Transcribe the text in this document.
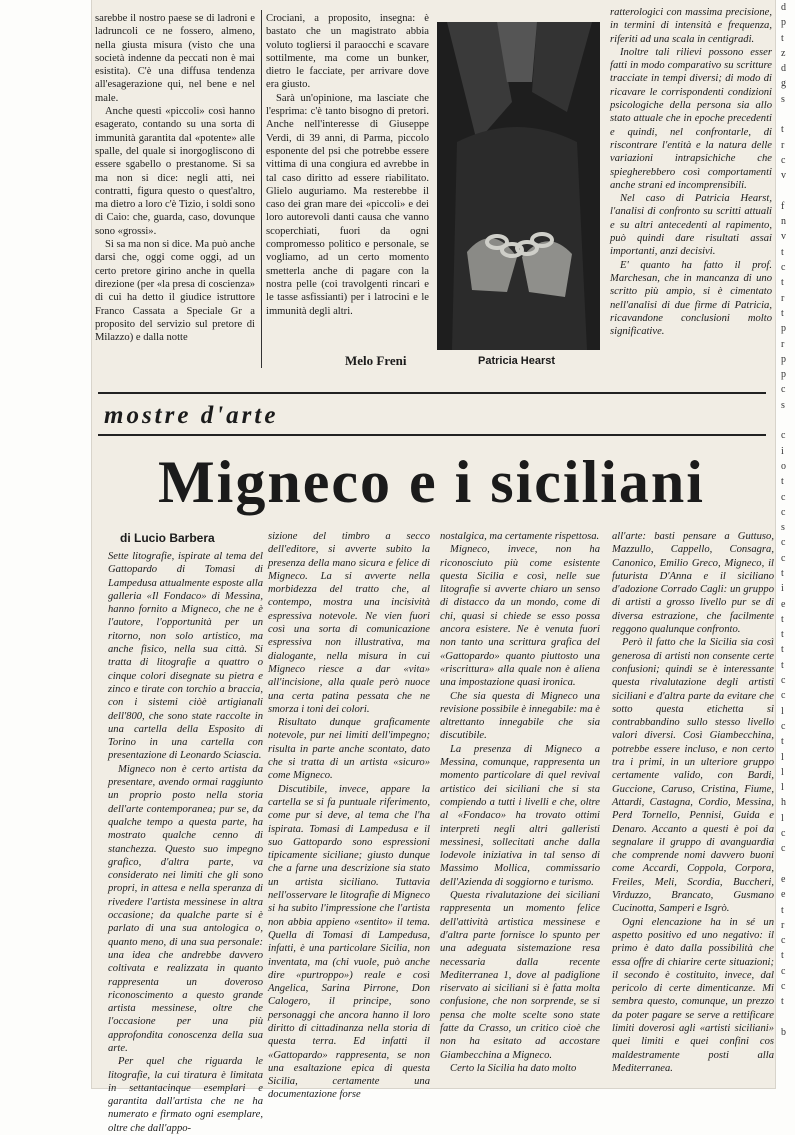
sarebbe il nostro paese se di ladroni e ladruncoli ce ne fossero, almeno, nella giusta misura (visto che una società indenne da peccati non è mai esistita). C'è una diffusa tendenza all'esagerazione qui, nel bene e nel male.

Anche questi «piccoli» così hanno esagerato, contando su una sorta di immunità garantita dal «potente» alle spalle, del quale si inorgogliscono di essere sgabello o prestanome. Si sa ma non si dice: negli atti, nei contratti, figura questo o quest'altro, ma dietro a loro c'è Tizio, i soldi sono di Caio: che, guarda, caso, dovunque sono «grossi».

Si sa ma non si dice. Ma può anche darsi che, oggi come oggi, ad un certo pretore girino anche in quella direzione (per «la presa di coscienza» di cui ha detto il giudice istruttore Franco Cassata a Speciale Gr a proposito del servizio sul pretore di Milazzo) e dalla notte

Crociani, a proposito, insegna: è bastato che un magistrato abbia voluto togliersi il paraocchi e scavare sottilmente, ma come un bunker, dietro le facciate, per arrivare dove era giusto.

Sarà un'opinione, ma lasciate che l'esprima: c'è tanto bisogno di pretori. Anche nell'interesse di Giuseppe Verdi, di 39 anni, di Parma, piccolo esponente del psi che potrebbe essere vittima di una congiura ed avrebbe in tal caso diritto ad essere riabilitato. Glielo auguriamo. Ma resterebbe il caso dei gran mare dei «piccoli» e dei loro autorevoli danti causa che vanno scoperchiati, fuori da ogni compromesso politico e personale, se vogliamo, ad un certo momento smetterla anche di pagare con la nostra pelle (coi travolgenti rincari e le tasse asfissianti) per i latrocini e le immunità degli altri.

Melo Freni	Patricia Hearst

ratterologici con massima precisione, in termini di intensità e frequenza, riferiti ad una scala in centigradi.

Inoltre tali rilievi possono esser fatti in modo comparativo su scritture tracciate in tempi diversi; di modo di ricavare le corrispondenti condizioni psicologiche della persona sia allo stato attuale che in epoche precedenti e quindi, nel confrontarle, di riscontrare l'entità e la natura delle variazioni intrapsichiche che spiegherebbero così comportamenti anche strani ed incomprensibili.

Nel caso di Patricia Hearst, l'analisi di confronto su scritti attuali e su altri antecedenti al rapimento, può quindi dare risultati assai importanti, anzi decisivi.

E' quanto ha fatto il prof. Marchesan, che in mancanza di uno scritto più ampio, si è cimentato nell'analisi di due firme di Patricia, ricavandone conclusioni molto significative.

mostre d'arte
Migneco e i siciliani
di Lucio Barbera

Sette litografie, ispirate al tema del Gattopardo di Tomasi di Lampedusa attualmente esposte alla galleria «Il Fondaco» di Messina, hanno fornito a Migneco, che ne è l'autore, l'opportunità per un ritorno, non solo artistico, ma anche fisico, nella sua città. Si tratta di litografie a quattro o cinque colori disegnate su pietra e zinco e tirate con torchio a braccia, con i sistemi ciòè artigianali dell'800, che sono state raccolte in una cartella della Esposito di Torino in una cartella con presentazione di Leonardo Sciascia.

Migneco non è certo artista da presentare, avendo ormai raggiunto un proprio posto nella storia dell'arte contemporanea; pur se, da qualche tempo a questa parte, ha mostrato qualche cenno di stanchezza. Questo suo impegno grafico, d'altra parte, va considerato nei limiti che gli sono propri, in attesa e nella speranza di rivedere l'artista messinese in altra occasione; da qualche parte si è parlato di una sua antologica o, quanto meno, di una sua personale: una idea che andrebbe davvero coltivata e realizzata in quanto rappresenta un doveroso riconoscimento a questo grande artista messinese, oltre che l'occasione per una più approfondita conoscenza della sua arte.

Per quel che riguarda le litografie, la cui tiratura è limitata in settantacinque esemplari e garantita dall'artista che ne ha numerato e firmato ogni esemplare, oltre che dall'appo-

sizione del timbro a secco dell'editore, si avverte subito la presenza della mano sicura e felice di Migneco. La si avverte nella morbidezza del tratto che, al contempo, mostra una incisività espressiva notevole. Ne vien fuori così una sorta di comunicazione espressiva non illustrativa, ma dialogante, nella misura in cui Migneco riesce a dar «vita» all'incisione, alla quale però nuoce una certa patina pessata che ne smorza i toni dei colori.

Risultato dunque graficamente notevole, pur nei limiti dell'impegno; risulta in parte anche scontato, dato che si tratta di un artista «sicuro» come Migneco.

Discutibile, invece, appare la cartella se si fa puntuale riferimento, come pur si deve, al tema che l'ha ispirata. Tomasi di Lampedusa e il suo Gattopardo sono espressioni tipicamente siciliane; giusto dunque che a farne una descrizione sia stato un artista siciliano. Tuttavia nell'osservare le litografie di Migneco si ha subito l'impressione che l'artista non abbia appieno «sentito» il tema. Quella di Tomasi di Lampedusa, infatti, è una particolare Sicilia, non inventata, ma (chi vuole, può anche dire «purtroppo») reale e così Angelica, Sarina Pirrone, Don Calogero, il principe, sono personaggi che ancora hanno il loro diritto di cittadinanza nella storia di questa terra. Ed infatti il «Gattopardo» rappresenta, se non una esaltazione epica di questa Sicilia, certamente una documentazione forse

nostalgica, ma certamente rispettosa.

Migneco, invece, non ha riconosciuto più come esistente questa Sicilia e così, nelle sue litografie si avverte chiaro un senso di distacco da un mondo, come di chi, quasi si chiede se esso possa ancora esistere. Ne è venuta fuori non tanto una scrittura grafica del «Gattopardo» quanto piuttosto una «riscrittura» alla quale non è aliena una impostazione quasi ironica.

Che sia questa di Migneco una revisione possibile è innegabile: ma è altrettanto innegabile che sia discutibile.

La presenza di Migneco a Messina, comunque, rappresenta un momento particolare di quel revival artistico dei siciliani che si sta compiendo a tutti i livelli e che, oltre al «Fondaco» ha trovato ottimi interpreti negli altri galleristi messinesi, sollecitati anche dalla lodevole iniziativa in tal senso di Massimo Mollica, commissario dell'Azienda di soggiorno e turismo.

Questa rivalutazione dei siciliani rappresenta un momento felice dell'attività artistica messinese e d'altra parte fornisce lo spunto per una adeguata sistemazione resa necessaria dalla recente Mediterranea 1, dove al padiglione riservato ai siciliani si è fatta molta confusione, che non sorprende, se si pensa che molte scelte sono state fatte da Crasso, un critico cioè che non ha esitato ad accostare Giambecchina a Migneco.

Certo la Sicilia ha dato molto

all'arte: basti pensare a Guttuso, Mazzullo, Cappello, Consagra, Canonico, Emilio Greco, Migneco, il futurista D'Anna e il siciliano d'adozione Corrado Cagli: un gruppo di artisti a grosso livello pur se di diversa estrazione, che facilmente reggono qualunque confronto.

Però il fatto che la Sicilia sia così generosa di artisti non consente certe confusioni; quindi se è interessante questa rivalutazione degli artisti siciliani e d'altra parte da evitare che sotto questa etichetta si contrabbandino sullo stesso livello valori diversi. Così Giambecchina, potrebbe essere incluso, e non certo tra i primi, in un ulteriore gruppo certamente valido, con Bardi, Guccione, Caruso, Cristina, Fiume, Attardi, Castagna, Cordio, Messina, Perd Tornello, Pennisi, Guida e Denaro. Accanto a questi è poi da segnalare il gruppo di avanguardia che comprende nomi davvero buoni come Accardi, Coppola, Corpora, Freiles, Meli, Scordia, Buccheri, Virduzzo, Brancato, Gusmano Cucinotta, Samperi e Isgrò.

Ogni elencazione ha in sé un aspetto positivo ed uno negativo: il primo è dato dalla possibilità che essa offre di chiarire certe situazioni; il secondo è costituito, invece, dal pericolo di certe dimenticanze. Mi sembra questo, comunque, un prezzo da poter pagare se serve a rettificare limiti doverosi agli «artisti siciliani» quei limiti e quei confini cos maldestramente posti alla Mediterranea.

d
p
t
z
d
g
s

t
r
c
v

f
n
v
t
c
t
r
t
p
r
p
p
c
s

c
i
o
t
c
c
s
c
c
t
i
e
t
t
t
t
c
c
l
c
t
l
l
l
h
l
c
c

e
e
t
r
c
t
c
c
t

b
